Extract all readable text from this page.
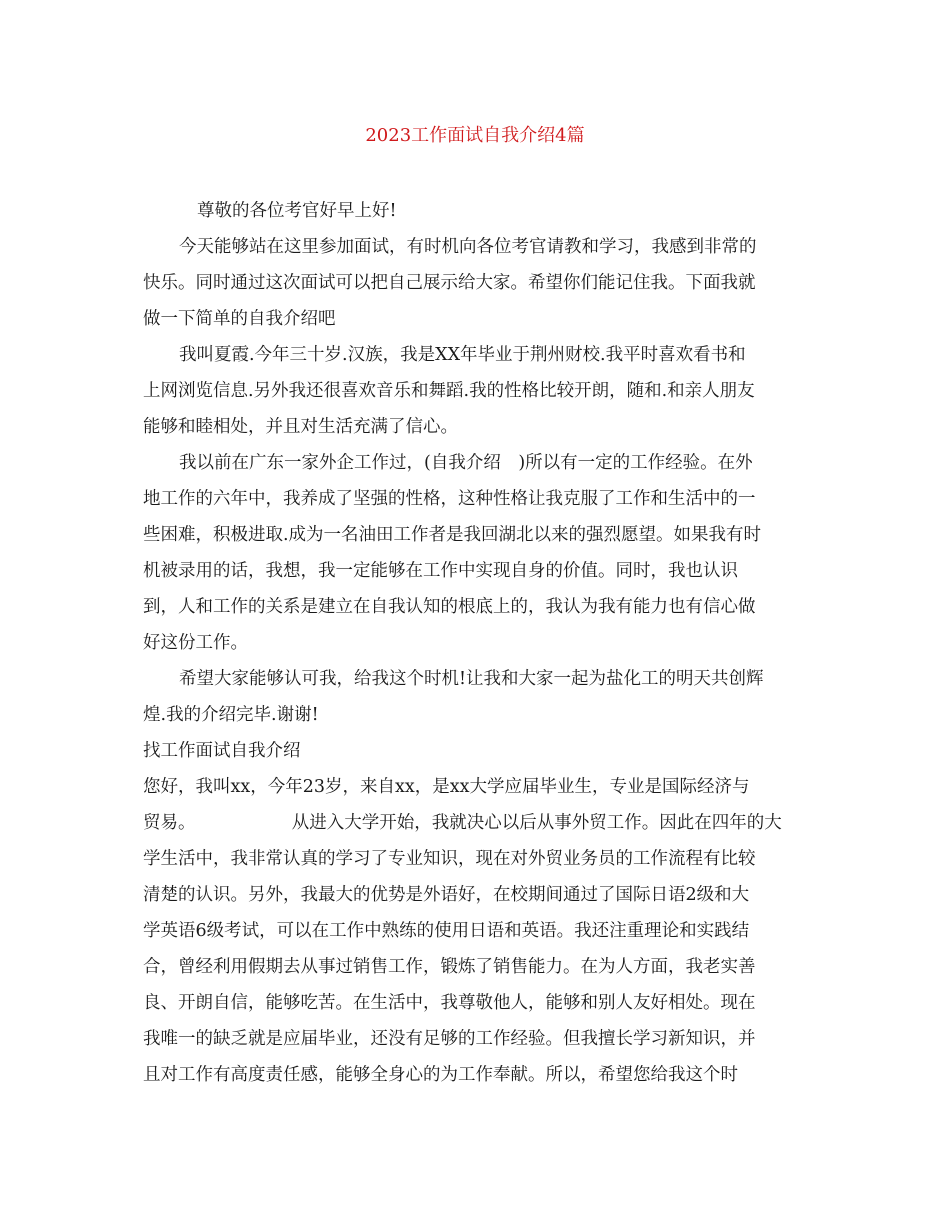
2023工作面试自我介绍4篇
尊敬的各位考官好早上好!
今天能够站在这里参加面试，有时机向各位考官请教和学习，我感到非常的
快乐。同时通过这次面试可以把自己展示给大家。希望你们能记住我。下面我就
做一下简单的自我介绍吧
我叫夏霞.今年三十岁.汉族，我是XX年毕业于荆州财校.我平时喜欢看书和
上网浏览信息.另外我还很喜欢音乐和舞蹈.我的性格比较开朗，随和.和亲人朋友
能够和睦相处，并且对生活充满了信心。
我以前在广东一家外企工作过，(自我介绍　)所以有一定的工作经验。在外
地工作的六年中，我养成了坚强的性格，这种性格让我克服了工作和生活中的一
些困难，积极进取.成为一名油田工作者是我回湖北以来的强烈愿望。如果我有时
机被录用的话，我想，我一定能够在工作中实现自身的价值。同时，我也认识
到，人和工作的关系是建立在自我认知的根底上的，我认为我有能力也有信心做
好这份工作。
希望大家能够认可我，给我这个时机!让我和大家一起为盐化工的明天共创辉
煌.我的介绍完毕.谢谢!
找工作面试自我介绍
您好，我叫xx，今年23岁，来自xx，是xx大学应届毕业生，专业是国际经济与
贸易。　　　　　　从进入大学开始，我就决心以后从事外贸工作。因此在四年的大
学生活中，我非常认真的学习了专业知识，现在对外贸业务员的工作流程有比较
清楚的认识。另外，我最大的优势是外语好，在校期间通过了国际日语2级和大
学英语6级考试，可以在工作中熟练的使用日语和英语。我还注重理论和实践结
合，曾经利用假期去从事过销售工作，锻炼了销售能力。在为人方面，我老实善
良、开朗自信，能够吃苦。在生活中，我尊敬他人，能够和别人友好相处。现在
我唯一的缺乏就是应届毕业，还没有足够的工作经验。但我擅长学习新知识，并
且对工作有高度责任感，能够全身心的为工作奉献。所以，希望您给我这个时
